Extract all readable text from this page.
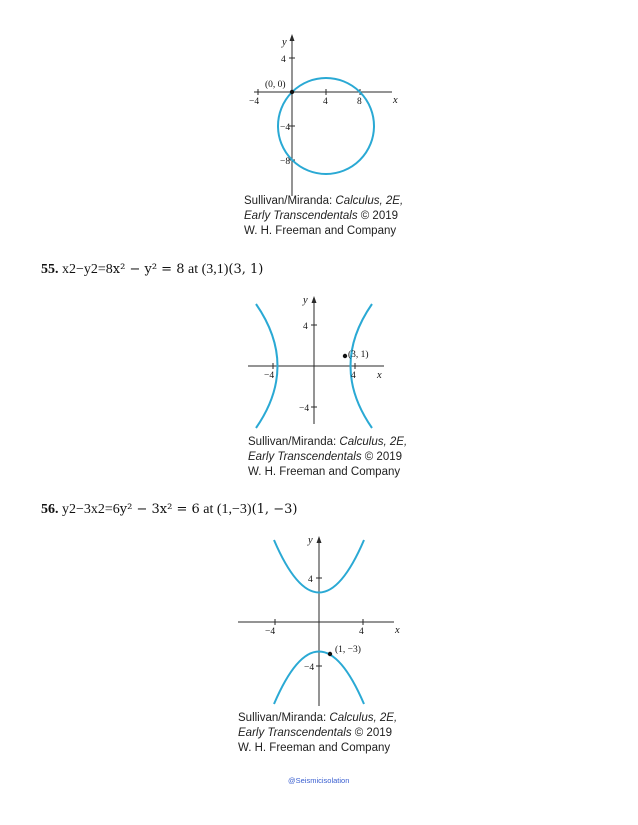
y
x
−4	4	8
4
−4
−8
(0, 0)
Sullivan/Miranda: Calculus, 2E,
Early Transcendentals © 2019
W. H. Freeman and Company
55. x2−y2=8x² − y² = 8 at (3,1)(3, 1)
y
x
−4	4
4
−4
(3, 1)
Sullivan/Miranda: Calculus, 2E,
Early Transcendentals © 2019
W. H. Freeman and Company
56. y2−3x2=6y² − 3x² = 6 at (1,−3)(1, −3)
y
x
−4	4
4
−4
(1, −3)
Sullivan/Miranda: Calculus, 2E,
Early Transcendentals © 2019
W. H. Freeman and Company
@Seismicisolation
